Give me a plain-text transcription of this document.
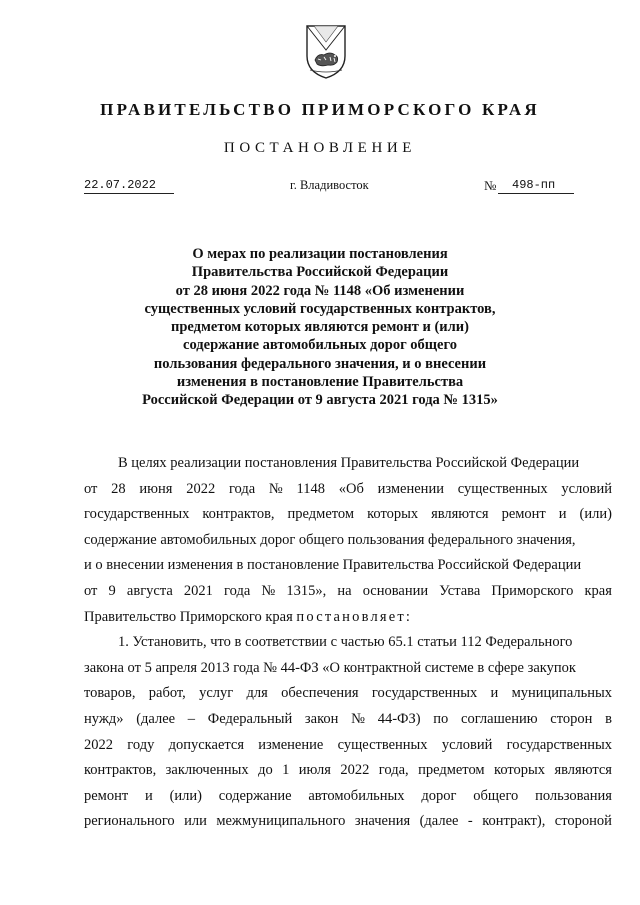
ПРАВИТЕЛЬСТВО ПРИМОРСКОГО КРАЯ
ПОСТАНОВЛЕНИЕ
22.07.2022	г. Владивосток	№	498-пп
О мерах по реализации постановления
Правительства Российской Федерации
от 28 июня 2022 года № 1148 «Об изменении
существенных условий государственных контрактов,
предметом которых являются ремонт и (или)
содержание автомобильных дорог общего
пользования федерального значения, и о внесении
изменения в постановление Правительства
Российской Федерации от 9 августа 2021 года № 1315»
В целях реализации постановления Правительства Российской Федерации
от 28 июня 2022 года № 1148 «Об изменении существенных условий
государственных контрактов, предметом которых являются ремонт и (или)
содержание автомобильных дорог общего пользования федерального значения,
и о внесении изменения в постановление Правительства Российской Федерации
от 9 августа 2021 года № 1315», на основании Устава Приморского края
Правительство Приморского края постановляет:
1. Установить, что в соответствии с частью 65.1 статьи 112 Федерального
закона от 5 апреля 2013 года № 44-ФЗ «О контрактной системе в сфере закупок
товаров, работ, услуг для обеспечения государственных и муниципальных
нужд» (далее – Федеральный закон № 44-ФЗ) по соглашению сторон в
2022 году допускается изменение существенных условий государственных
контрактов, заключенных до 1 июля 2022 года, предметом которых являются
ремонт и (или) содержание автомобильных дорог общего пользования
регионального или межмуниципального значения (далее - контракт), стороной
